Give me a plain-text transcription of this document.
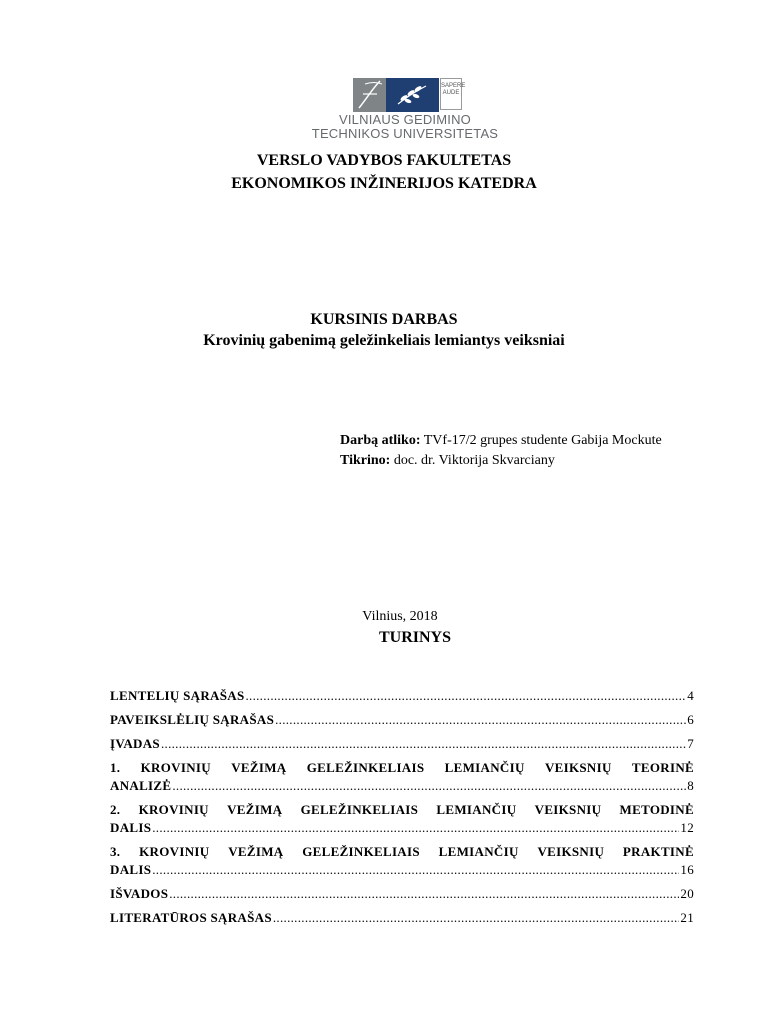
SAPERE
AUDE
VILNIAUS GEDIMINO
TECHNIKOS UNIVERSITETAS
VERSLO VADYBOS FAKULTETAS
EKONOMIKOS INŽINERIJOS KATEDRA
KURSINIS DARBAS
Krovinių gabenimą geležinkeliais lemiantys veiksniai
Darbą atliko: TVf-17/2 grupes studente Gabija Mockute
Tikrino: doc. dr. Viktorija Skvarciany
Vilnius, 2018
TURINYS
LENTELIŲ SĄRAŠAS .....	4
PAVEIKSLĖLIŲ SĄRAŠAS .....	6
ĮVADAS .....	7
1. KROVINIŲ VEŽIMĄ GELEŽINKELIAIS LEMIANČIŲ VEIKSNIŲ TEORINĖ
ANALIZĖ .....	8
2. KROVINIŲ VEŽIMĄ GELEŽINKELIAIS LEMIANČIŲ VEIKSNIŲ METODINĖ
DALIS .....	12
3. KROVINIŲ VEŽIMĄ GELEŽINKELIAIS LEMIANČIŲ VEIKSNIŲ PRAKTINĖ
DALIS .....	16
IŠVADOS .....	20
LITERATŪROS SĄRAŠAS .....	21
